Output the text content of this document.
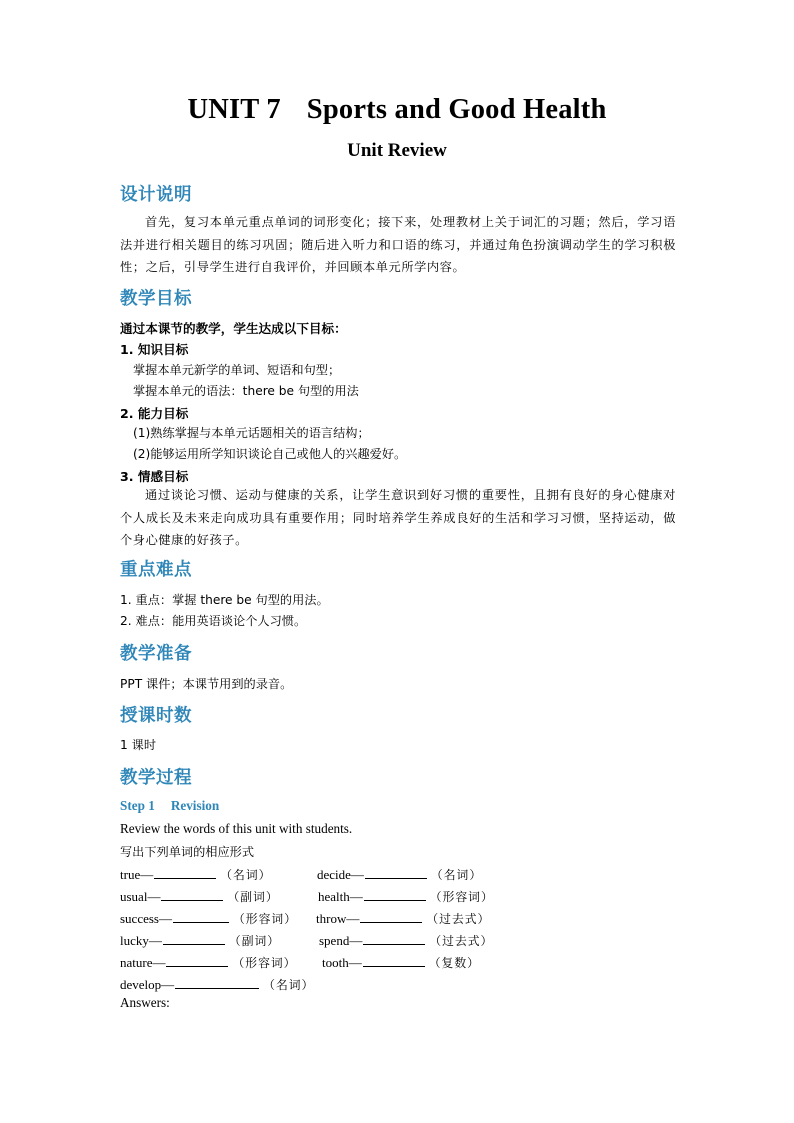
UNIT 7 Sports and Good Health
Unit Review
设计说明
首先，复习本单元重点单词的词形变化；接下来，处理教材上关于词汇的习题；然后，学习语法并进行相关题目的练习巩固；随后进入听力和口语的练习，并通过角色扮演调动学生的学习积极性；之后，引导学生进行自我评价，并回顾本单元所学内容。
教学目标
通过本课节的教学，学生达成以下目标：
1. 知识目标
掌握本单元新学的单词、短语和句型；
掌握本单元的语法：there be 句型的用法
2. 能力目标
(1)熟练掌握与本单元话题相关的语言结构；
(2)能够运用所学知识谈论自己或他人的兴趣爱好。
3. 情感目标
通过谈论习惯、运动与健康的关系，让学生意识到好习惯的重要性，且拥有良好的身心健康对个人成长及未来走向成功具有重要作用；同时培养学生养成良好的生活和学习习惯，坚持运动，做个身心健康的好孩子。
重点难点
1. 重点：掌握 there be 句型的用法。
2. 难点：能用英语谈论个人习惯。
教学准备
PPT 课件；本课节用到的录音。
授课时数
1 课时
教学过程
Step 1 Revision
Review the words of this unit with students.
写出下列单词的相应形式
true—	（名词）	decide—	（名词）
usual—	（副词）	health—	（形容词）
success—	（形容词） throw—	（过去式）
lucky—	（副词）	spend—	（过去式）
nature—	（形容词） tooth—	（复数）
develop—	（名词）
Answers:
